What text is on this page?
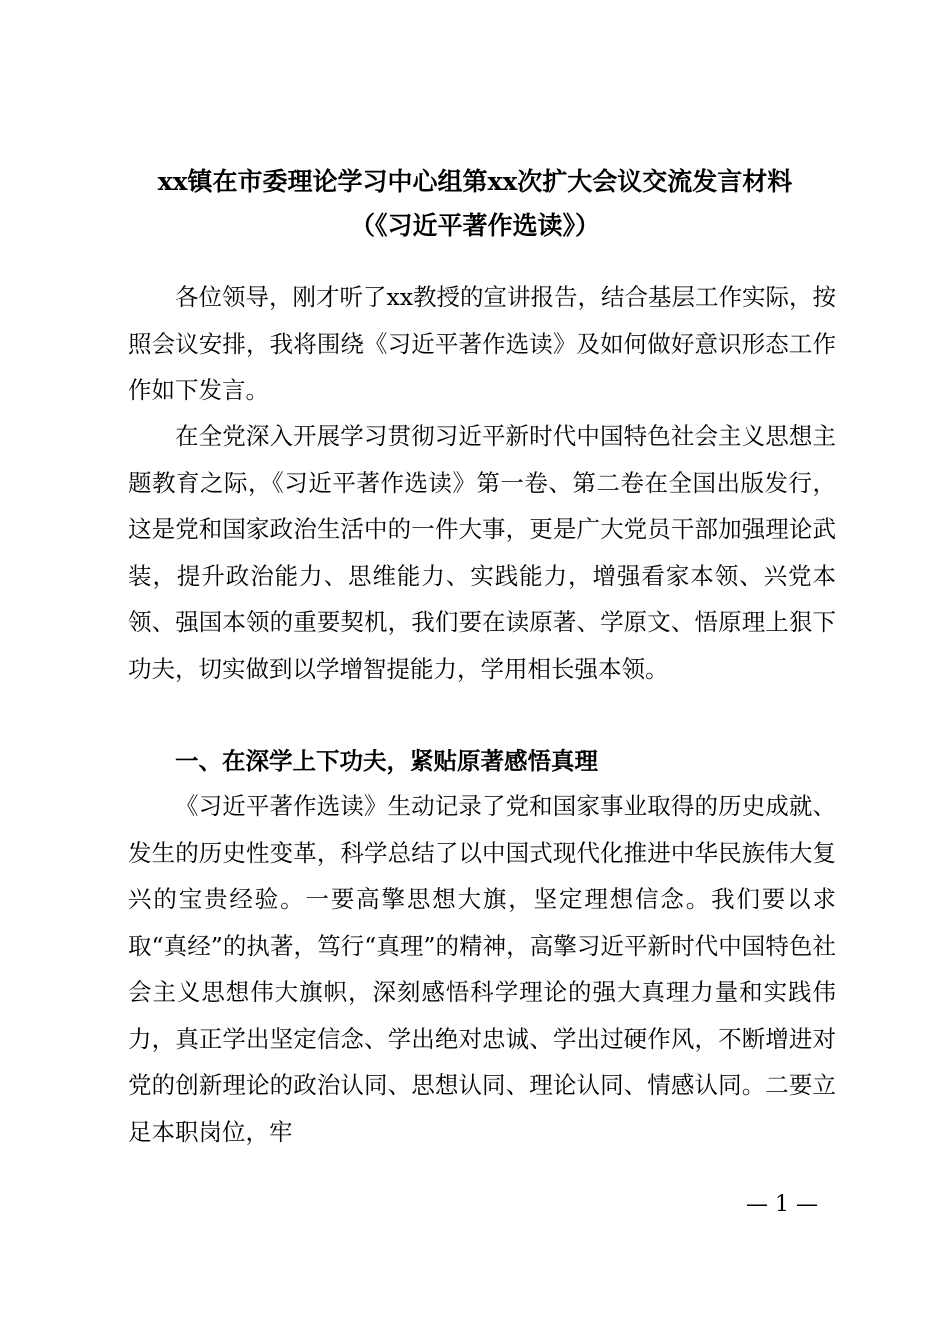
xx镇在市委理论学习中心组第xx次扩大会议交流发言材料
（《习近平著作选读》）

各位领导，刚才听了xx教授的宣讲报告，结合基层工作实际，按照会议安排，我将围绕《习近平著作选读》及如何做好意识形态工作作如下发言。

在全党深入开展学习贯彻习近平新时代中国特色社会主义思想主题教育之际，《习近平著作选读》第一卷、第二卷在全国出版发行，这是党和国家政治生活中的一件大事，更是广大党员干部加强理论武装，提升政治能力、思维能力、实践能力，增强看家本领、兴党本领、强国本领的重要契机，我们要在读原著、学原文、悟原理上狠下功夫，切实做到以学增智提能力，学用相长强本领。

一、在深学上下功夫，紧贴原著感悟真理

《习近平著作选读》生动记录了党和国家事业取得的历史成就、发生的历史性变革，科学总结了以中国式现代化推进中华民族伟大复兴的宝贵经验。一要高擎思想大旗，坚定理想信念。我们要以求取“真经”的执著，笃行“真理”的精神，高擎习近平新时代中国特色社会主义思想伟大旗帜，深刻感悟科学理论的强大真理力量和实践伟力，真正学出坚定信念、学出绝对忠诚、学出过硬作风，不断增进对党的创新理论的政治认同、思想认同、理论认同、情感认同。二要立足本职岗位，牢

— 1 —
